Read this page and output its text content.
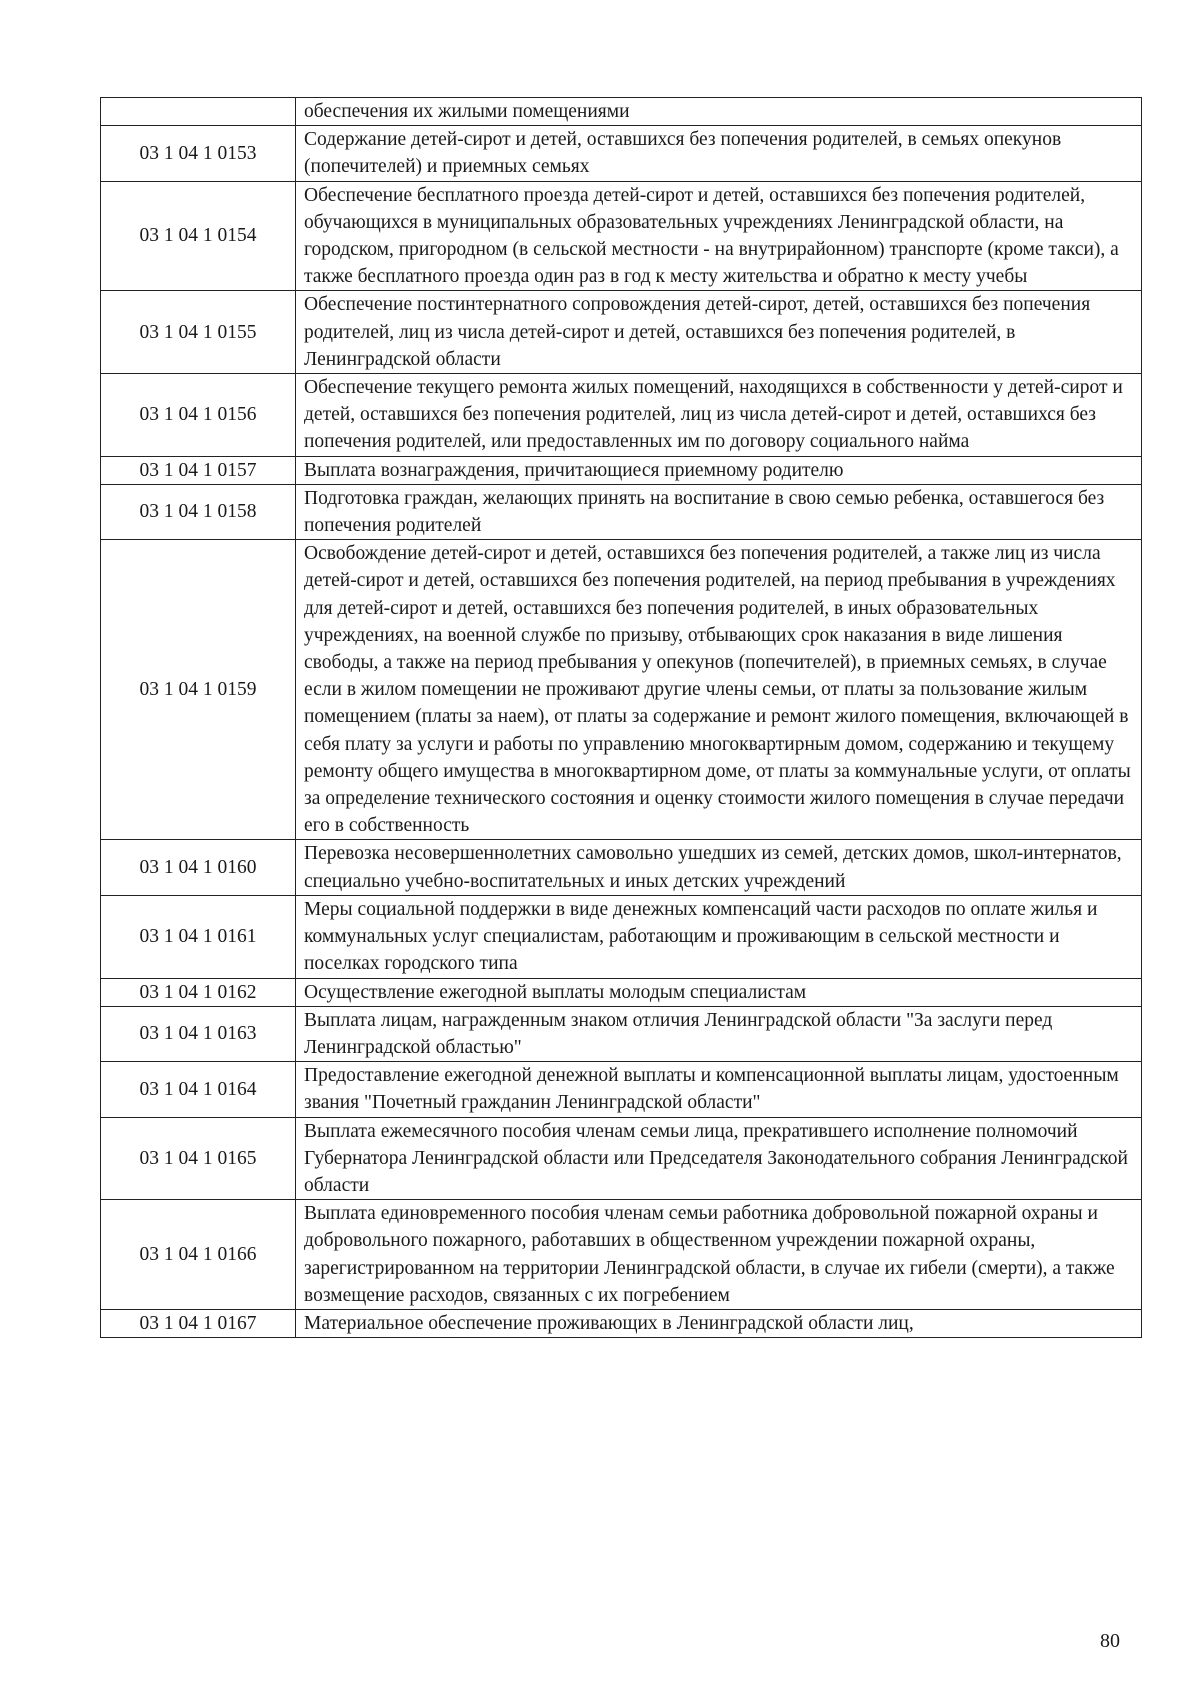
	обеспечения их жилыми помещениями
03 1 04 1 0153	Содержание детей-сирот и детей, оставшихся без попечения родителей, в семьях опекунов (попечителей) и приемных семьях
03 1 04 1 0154	Обеспечение бесплатного проезда детей-сирот и детей, оставшихся без попечения родителей, обучающихся в муниципальных образовательных учреждениях Ленинградской области, на городском, пригородном (в сельской местности - на внутрирайонном) транспорте (кроме такси), а также бесплатного проезда один раз в год к месту жительства и обратно к месту учебы
03 1 04 1 0155	Обеспечение постинтернатного сопровождения детей-сирот, детей, оставшихся без попечения родителей, лиц из числа детей-сирот и детей, оставшихся без попечения родителей, в Ленинградской области
03 1 04 1 0156	Обеспечение текущего ремонта жилых помещений, находящихся в собственности у детей-сирот и детей, оставшихся без попечения родителей, лиц из числа детей-сирот и детей, оставшихся без попечения родителей, или предоставленных им по договору социального найма
03 1 04 1 0157	Выплата вознаграждения, причитающиеся приемному родителю
03 1 04 1 0158	Подготовка граждан, желающих принять на воспитание в свою семью ребенка, оставшегося без попечения родителей
03 1 04 1 0159	Освобождение детей-сирот и детей, оставшихся без попечения родителей, а также лиц из числа детей-сирот и детей, оставшихся без попечения родителей, на период пребывания в учреждениях для детей-сирот и детей, оставшихся без попечения родителей, в иных образовательных учреждениях, на военной службе по призыву, отбывающих срок наказания в виде лишения свободы, а также на период пребывания у опекунов (попечителей), в приемных семьях, в случае если в жилом помещении не проживают другие члены семьи, от платы за пользование жилым помещением (платы за наем), от платы за содержание и ремонт жилого помещения, включающей в себя плату за услуги и работы по управлению многоквартирным домом, содержанию и текущему ремонту общего имущества в многоквартирном доме, от платы за коммунальные услуги, от оплаты за определение технического состояния и оценку стоимости жилого помещения в случае передачи его в собственность
03 1 04 1 0160	Перевозка несовершеннолетних самовольно ушедших из семей, детских домов, школ-интернатов, специально учебно-воспитательных и иных детских учреждений
03 1 04 1 0161	Меры социальной поддержки в виде денежных компенсаций части расходов по оплате жилья и коммунальных услуг специалистам, работающим и проживающим в сельской местности и поселках городского типа
03 1 04 1 0162	Осуществление ежегодной выплаты молодым специалистам
03 1 04 1 0163	Выплата лицам, награжденным знаком отличия Ленинградской области "За заслуги перед Ленинградской областью"
03 1 04 1 0164	Предоставление ежегодной денежной выплаты и компенсационной выплаты лицам, удостоенным звания "Почетный гражданин Ленинградской области"
03 1 04 1 0165	Выплата ежемесячного пособия членам семьи лица, прекратившего исполнение полномочий Губернатора Ленинградской области или Председателя Законодательного собрания Ленинградской области
03 1 04 1 0166	Выплата единовременного пособия членам семьи работника добровольной пожарной охраны и добровольного пожарного, работавших в общественном учреждении пожарной охраны, зарегистрированном на территории Ленинградской области, в случае их гибели (смерти), а также возмещение расходов, связанных с их погребением
03 1 04 1 0167	Материальное обеспечение проживающих в Ленинградской области лиц,
80
